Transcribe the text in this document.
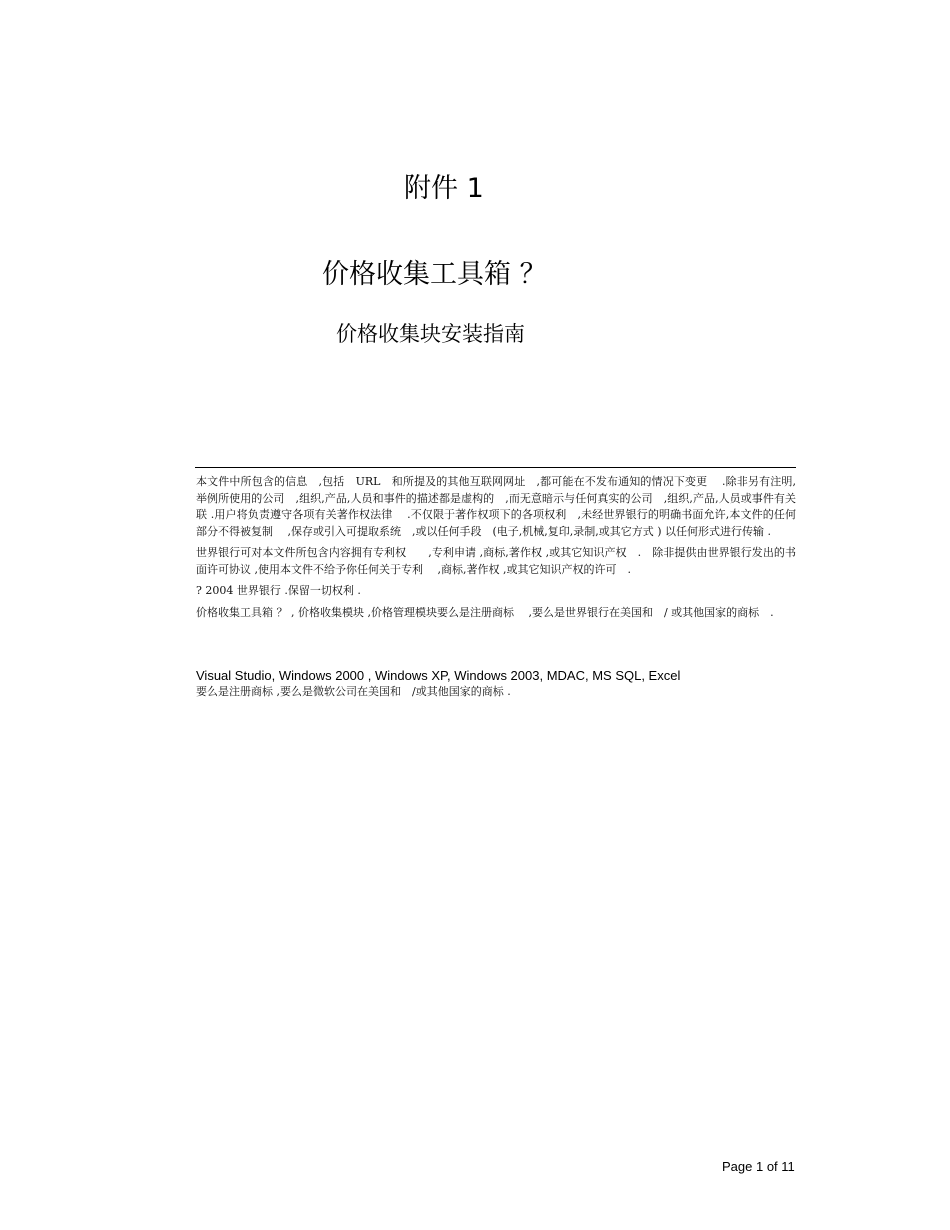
附件 1
价格收集工具箱 ？
价格收集块安装指南

本文件中所包含的信息　,包括　URL　和所提及的其他互联网网址　,都可能在不发布通知的情况下变更　 .除非另有注明,举例所使用的公司　,组织,产品,人员和事件的描述都是虚构的　,而无意暗示与任何真实的公司　,组织,产品,人员或事件有关联 .用户将负责遵守各项有关著作权法律　 .不仅限于著作权项下的各项权利　,未经世界银行的明确书面允许,本文件的任何部分不得被复制　 ,保存或引入可提取系统　,或以任何手段　(电子,机械,复印,录制,或其它方式 ) 以任何形式进行传输 .

世界银行可对本文件所包含内容拥有专利权　　,专利申请 ,商标,著作权 ,或其它知识产权　.　除非提供由世界银行发出的书面许可协议 ,使用本文件不给予你任何关于专利　 ,商标,著作权 ,或其它知识产权的许可　.

? 2004 世界银行 .保留一切权利 .

价格收集工具箱 ？ , 价格收集模块 ,价格管理模块要么是注册商标　 ,要么是世界银行在美国和　/ 或其他国家的商标　.

Visual Studio, Windows 2000 , Windows XP, Windows 2003, MDAC, MS SQL, Excel
要么是注册商标 ,要么是微软公司在美国和　/或其他国家的商标 .
Page 1 of 11
